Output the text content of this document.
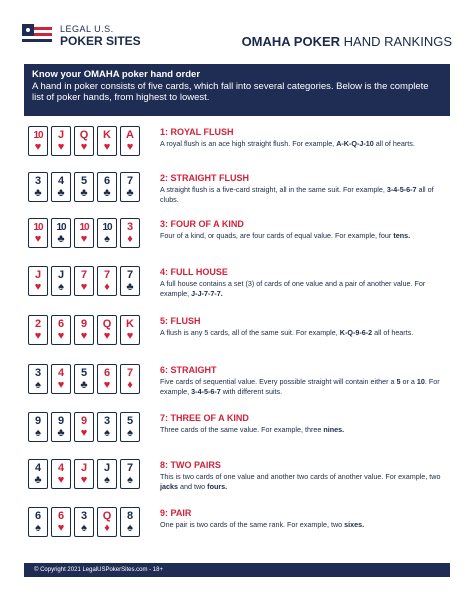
LEGAL U.S.
POKER SITES	OMAHA POKER HAND RANKINGS
Know your OMAHA poker hand order
A hand in poker consists of five cards, which fall into several categories. Below is the complete list of poker hands, from highest to lowest.
10
♥
J
♥
Q
♥
K
♥
A
♥
1: ROYAL FLUSH
A royal flush is an ace high straight flush. For example, A-K-Q-J-10 all of hearts.
3
♣
4
♣
5
♣
6
♣
7
♣
2: STRAIGHT FLUSH
A straight flush is a five-card straight, all in the same suit. For example, 3-4-5-6-7 all of clubs.
10
♥
10
♣
10
♥
10
♠
3
♦
3: FOUR OF A KIND
Four of a kind, or quads, are four cards of equal value. For example, four tens.
J
♥
J
♠
7
♥
7
♦
7
♣
4: FULL HOUSE
A full house contains a set (3) of cards of one value and a pair of another value. For example, J-J-7-7-7.
2
♥
6
♥
9
♥
Q
♥
K
♥
5: FLUSH
A flush is any 5 cards, all of the same suit. For example, K-Q-9-6-2 all of hearts.
3
♠
4
♥
5
♣
6
♥
7
♦
6: STRAIGHT
Five cards of sequential value. Every possible straight will contain either a 5 or a 10. For example, 3-4-5-6-7 with different suits.
9
♠
9
♣
9
♥
3
♠
5
♠
7: THREE OF A KIND
Three cards of the same value. For example, three nines.
4
♣
4
♥
J
♥
J
♠
7
♠
8: TWO PAIRS
This is two cards of one value and another two cards of another value. For example, two jacks and two fours.
6
♠
6
♥
3
♠
Q
♦
8
♠
9: PAIR
One pair is two cards of the same rank. For example, two sixes.
© Copyright 2021 LegalUSPokerSites.com - 18+
